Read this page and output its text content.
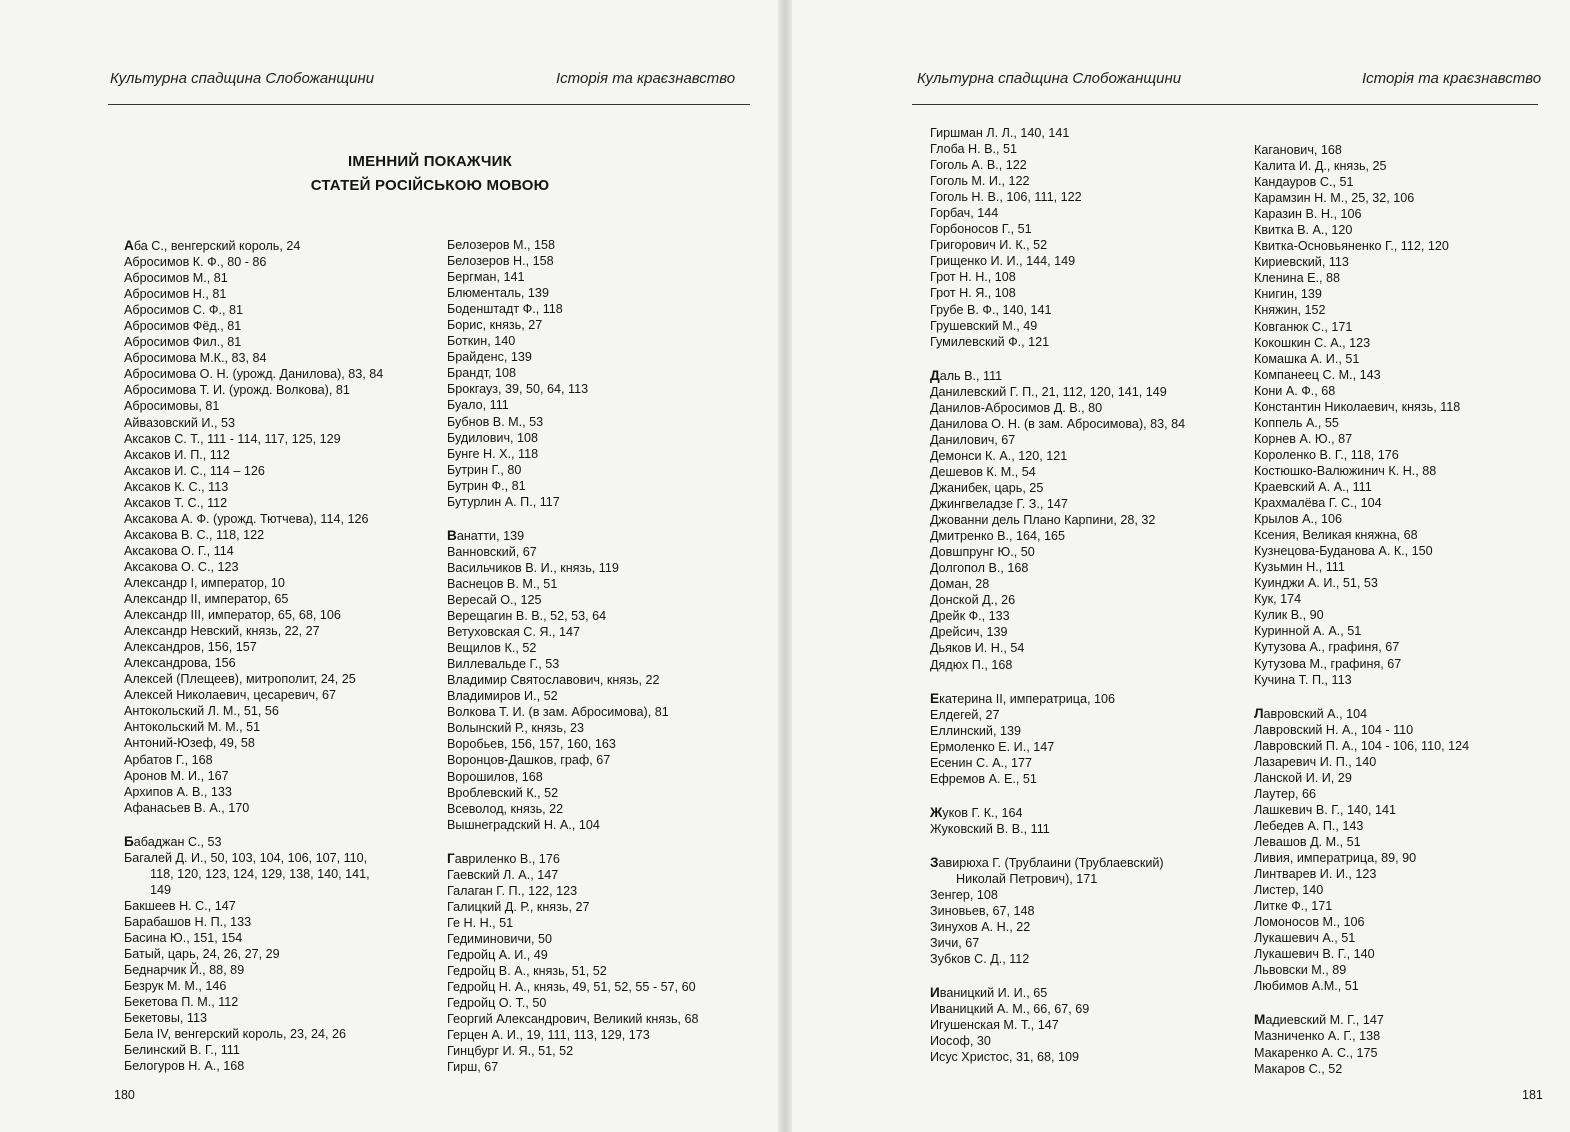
Культурна спадщина Слобожанщини	Історія та краєзнавство
ІМЕННИЙ ПОКАЖЧИК
СТАТЕЙ РОСІЙСЬКОЮ МОВОЮ
Аба С., венгерский король, 24
Абросимов К. Ф., 80 - 86
Абросимов М., 81
Абросимов Н., 81
Абросимов С. Ф., 81
Абросимов Фёд., 81
Абросимов Фил., 81
Абросимова М.К., 83, 84
Абросимова О. Н. (урожд. Данилова), 83, 84
Абросимова Т. И. (урожд. Волкова), 81
Абросимовы, 81
Айвазовский И., 53
Аксаков С. Т., 111 - 114, 117, 125, 129
Аксаков И. П., 112
Аксаков И. С., 114 – 126
Аксаков К. С., 113
Аксаков Т. С., 112
Аксакова А. Ф. (урожд. Тютчева), 114, 126
Аксакова В. С., 118, 122
Аксакова О. Г., 114
Аксакова О. С., 123
Александр I, император, 10
Александр II, император, 65
Александр III, император, 65, 68, 106
Александр Невский, князь, 22, 27
Александров, 156, 157
Александрова, 156
Алексей (Плещеев), митрополит, 24, 25
Алексей Николаевич, цесаревич, 67
Антокольский Л. М., 51, 56
Антокольский М. М., 51
Антоний-Юзеф, 49, 58
Арбатов Г., 168
Аронов М. И., 167
Архипов А. В., 133
Афанасьев В. А., 170
Бабаджан С., 53
Багалей Д. И., 50, 103, 104, 106, 107, 110,
118, 120, 123, 124, 129, 138, 140, 141,
149
Бакшеев Н. С., 147
Барабашов Н. П., 133
Басина Ю., 151, 154
Батый, царь, 24, 26, 27, 29
Беднарчик Й., 88, 89
Безрук М. М., 146
Бекетова П. М., 112
Бекетовы, 113
Бела IV, венгерский король, 23, 24, 26
Белинский В. Г., 111
Белогуров Н. А., 168
Белозеров М., 158
Белозеров Н., 158
Бергман, 141
Блюменталь, 139
Боденштадт Ф., 118
Борис, князь, 27
Боткин, 140
Брайденс, 139
Брандт, 108
Брокгауз, 39, 50, 64, 113
Буало, 111
Бубнов В. М., 53
Будилович, 108
Бунге Н. Х., 118
Бутрин Г., 80
Бутрин Ф., 81
Бутурлин А. П., 117
Ванатти, 139
Ванновский, 67
Васильчиков В. И., князь, 119
Васнецов В. М., 51
Вересай О., 125
Верещагин В. В., 52, 53, 64
Ветуховская С. Я., 147
Вещилов К., 52
Виллевальде Г., 53
Владимир Святославович, князь, 22
Владимиров И., 52
Волкова Т. И. (в зам. Абросимова), 81
Волынский Р., князь, 23
Воробьев, 156, 157, 160, 163
Воронцов-Дашков, граф, 67
Ворошилов, 168
Вроблевский К., 52
Всеволод, князь, 22
Вышнеградский Н. А., 104
Гавриленко В., 176
Гаевский Л. А., 147
Галаган Г. П., 122, 123
Галицкий Д. Р., князь, 27
Ге Н. Н., 51
Гедиминовичи, 50
Гедройц А. И., 49
Гедройц В. А., князь, 51, 52
Гедройц Н. А., князь, 49, 51, 52, 55 - 57, 60
Гедройц О. Т., 50
Георгий Александрович, Великий князь, 68
Герцен А. И., 19, 111, 113, 129, 173
Гинцбург И. Я., 51, 52
Гирш, 67
180
Культурна спадщина Слобожанщини	Історія та краєзнавство
Гиршман Л. Л., 140, 141
Глоба Н. В., 51
Гоголь А. В., 122
Гоголь М. И., 122
Гоголь Н. В., 106, 111, 122
Горбач, 144
Горбоносов Г., 51
Григорович И. К., 52
Грищенко И. И., 144, 149
Грот Н. Н., 108
Грот Н. Я., 108
Грубе В. Ф., 140, 141
Грушевский М., 49
Гумилевский Ф., 121
Даль В., 111
Данилевский Г. П., 21, 112, 120, 141, 149
Данилов-Абросимов Д. В., 80
Данилова О. Н. (в зам. Абросимова), 83, 84
Данилович, 67
Демонси К. А., 120, 121
Дешевов К. М., 54
Джанибек, царь, 25
Джингвеладзе Г. З., 147
Джованни дель Плано Карпини, 28, 32
Дмитренко В., 164, 165
Довшпрунг Ю., 50
Долгопол В., 168
Доман, 28
Донской Д., 26
Дрейк Ф., 133
Дрейсич, 139
Дьяков И. Н., 54
Дядюх П., 168
Екатерина II, императрица, 106
Елдегей, 27
Еллинский, 139
Ермоленко Е. И., 147
Есенин С. А., 177
Ефремов А. Е., 51
Жуков Г. К., 164
Жуковский В. В., 111
Завирюха Г. (Трублаини (Трублаевский)
Николай Петрович), 171
Зенгер, 108
Зиновьев, 67, 148
Зинухов А. Н., 22
Зичи, 67
Зубков С. Д., 112
Иваницкий И. И., 65
Иваницкий А. М., 66, 67, 69
Игушенская М. Т., 147
Иософ, 30
Исус Христос, 31, 68, 109
Каганович, 168
Калита И. Д., князь, 25
Кандауров С., 51
Карамзин Н. М., 25, 32, 106
Каразин В. Н., 106
Квитка В. А., 120
Квитка-Основьяненко Г., 112, 120
Кириевский, 113
Кленина Е., 88
Книгин, 139
Княжин, 152
Ковганюк С., 171
Кокошкин С. А., 123
Комашка А. И., 51
Компанеец С. М., 143
Кони А. Ф., 68
Константин Николаевич, князь, 118
Коппель А., 55
Корнев А. Ю., 87
Короленко В. Г., 118, 176
Костюшко-Валюжинич К. Н., 88
Краевский А. А., 111
Крахмалёва Г. С., 104
Крылов А., 106
Ксения, Великая княжна, 68
Кузнецова-Буданова А. К., 150
Кузьмин Н., 111
Куинджи А. И., 51, 53
Кук, 174
Кулик В., 90
Куринной А. А., 51
Кутузова А., графиня, 67
Кутузова М., графиня, 67
Кучина Т. П., 113
Лавровский А., 104
Лавровский Н. А., 104 - 110
Лавровский П. А., 104 - 106, 110, 124
Лазаревич И. П., 140
Ланской И. И, 29
Лаутер, 66
Лашкевич В. Г., 140, 141
Лебедев А. П., 143
Левашов Д. М., 51
Ливия, императрица, 89, 90
Линтварев И. И., 123
Листер, 140
Литке Ф., 171
Ломоносов М., 106
Лукашевич А., 51
Лукашевич В. Г., 140
Львовски М., 89
Любимов А.М., 51
Мадиевский М. Г., 147
Мазниченко А. Г., 138
Макаренко А. С., 175
Макаров С., 52
181
